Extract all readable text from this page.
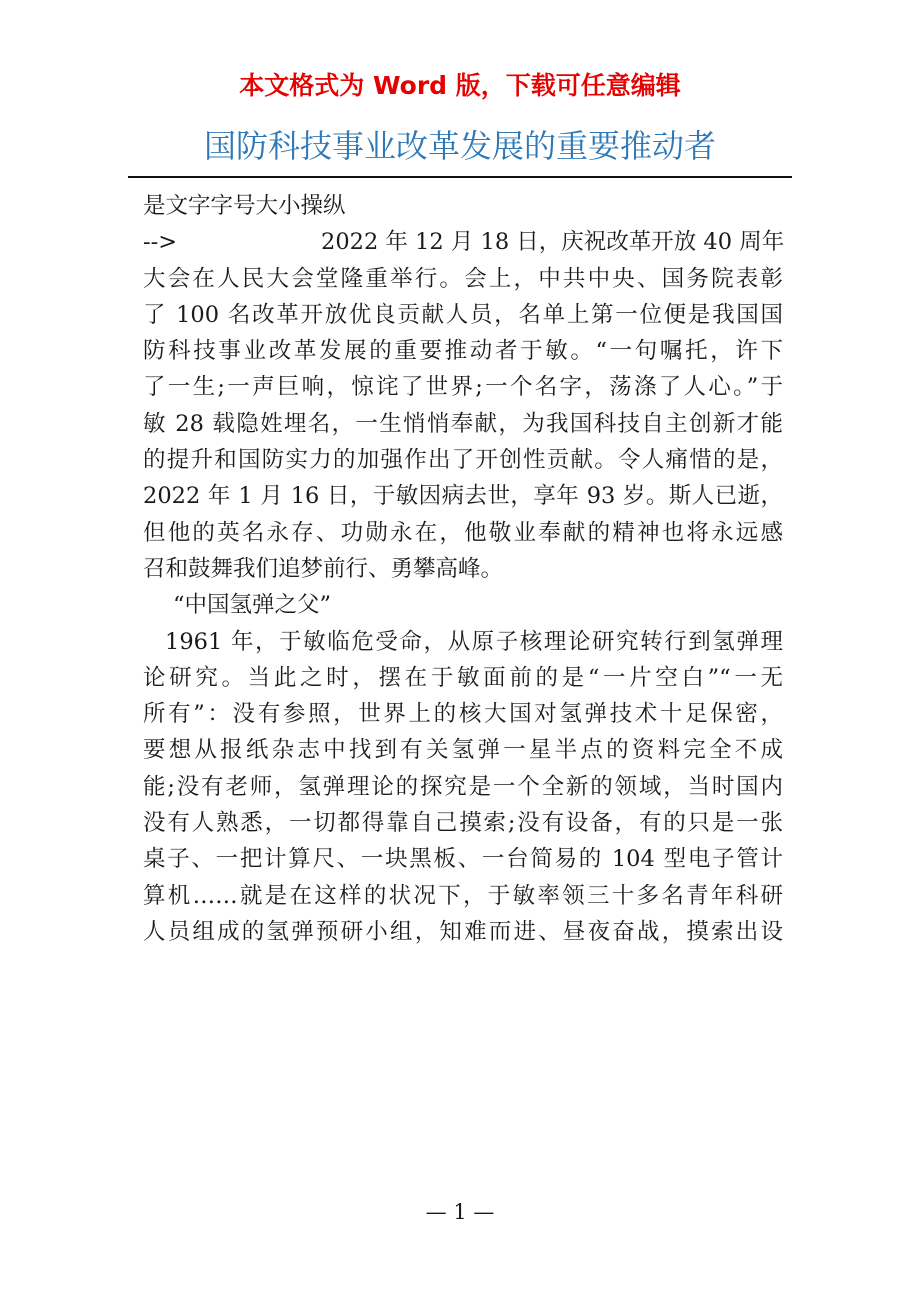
本文格式为 Word 版，下载可任意编辑
国防科技事业改革发展的重要推动者
是文字字号大小操纵
-->	2022 年 12 月 18 日，庆祝改革开放 40 周年
大会在人民大会堂隆重举行。会上，中共中央、国务院表彰
了 100 名改革开放优良贡献人员，名单上第一位便是我国国
防科技事业改革发展的重要推动者于敏。“一句嘱托，许下
了一生;一声巨响，惊诧了世界;一个名字，荡涤了人心。”于
敏 28 载隐姓埋名，一生悄悄奉献，为我国科技自主创新才能
的提升和国防实力的加强作出了开创性贡献。令人痛惜的是，
2022 年 1 月 16 日，于敏因病去世，享年 93 岁。斯人已逝，
但他的英名永存、功勋永在，他敬业奉献的精神也将永远感
召和鼓舞我们追梦前行、勇攀高峰。
“中国氢弹之父”
1961 年，于敏临危受命，从原子核理论研究转行到氢弹理
论研究。当此之时，摆在于敏面前的是“一片空白”“一无
所有”：没有参照，世界上的核大国对氢弹技术十足保密，
要想从报纸杂志中找到有关氢弹一星半点的资料完全不成
能;没有老师，氢弹理论的探究是一个全新的领域，当时国内
没有人熟悉，一切都得靠自己摸索;没有设备，有的只是一张
桌子、一把计算尺、一块黑板、一台简易的 104 型电子管计
算机……就是在这样的状况下，于敏率领三十多名青年科研
人员组成的氢弹预研小组，知难而进、昼夜奋战，摸索出设
— 1 —
